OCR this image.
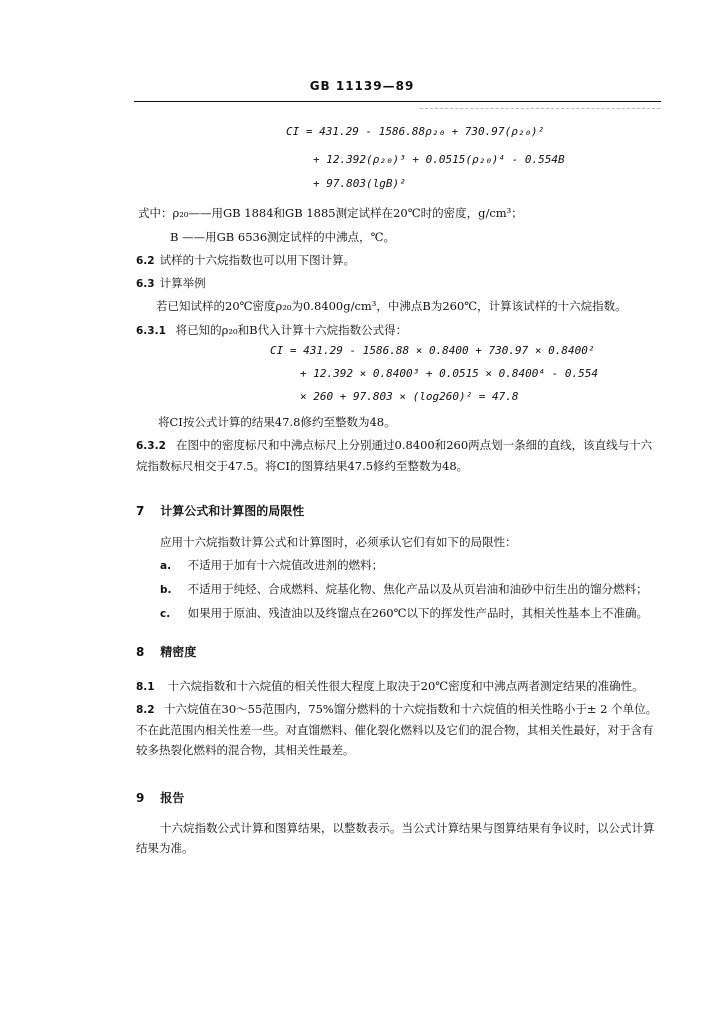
GB 11139—89
CI = 431.29 - 1586.88ρ₂₀ + 730.97(ρ₂₀)²
+ 12.392(ρ₂₀)³ + 0.0515(ρ₂₀)⁴ - 0.554B
+ 97.803(lgB)²
式中：ρ₂₀——用GB 1884和GB 1885测定试样在20℃时的密度，g/cm³；
B ——用GB 6536测定试样的中沸点，℃。
6.2 试样的十六烷指数也可以用下图计算。
6.3 计算举例
若已知试样的20℃密度ρ₂₀为0.8400g/cm³，中沸点B为260℃，计算该试样的十六烷指数。
6.3.1 将已知的ρ₂₀和B代入计算十六烷指数公式得：
CI = 431.29 - 1586.88 × 0.8400 + 730.97 × 0.8400²
+ 12.392 × 0.8400³ + 0.0515 × 0.8400⁴ - 0.554
× 260 + 97.803 × (log260)² = 47.8
将CI按公式计算的结果47.8修约至整数为48。
6.3.2 在图中的密度标尺和中沸点标尺上分别通过0.8400和260两点划一条细的直线，该直线与十六烷指数标尺相交于47.5。将CI的图算结果47.5修约至整数为48。
7 计算公式和计算图的局限性
应用十六烷指数计算公式和计算图时，必须承认它们有如下的局限性：
a. 不适用于加有十六烷值改进剂的燃料；
b. 不适用于纯烃、合成燃料、烷基化物、焦化产品以及从页岩油和油砂中衍生出的馏分燃料；
c. 如果用于原油、残渣油以及终馏点在260℃以下的挥发性产品时，其相关性基本上不准确。
8 精密度
8.1 十六烷指数和十六烷值的相关性很大程度上取决于20℃密度和中沸点两者测定结果的准确性。
8.2 十六烷值在30～55范围内，75%馏分燃料的十六烷指数和十六烷值的相关性略小于± 2 个单位。不在此范围内相关性差一些。对直馏燃料、催化裂化燃料以及它们的混合物，其相关性最好，对于含有较多热裂化燃料的混合物，其相关性最差。
9 报告
十六烷指数公式计算和图算结果，以整数表示。当公式计算结果与图算结果有争议时，以公式计算结果为准。
